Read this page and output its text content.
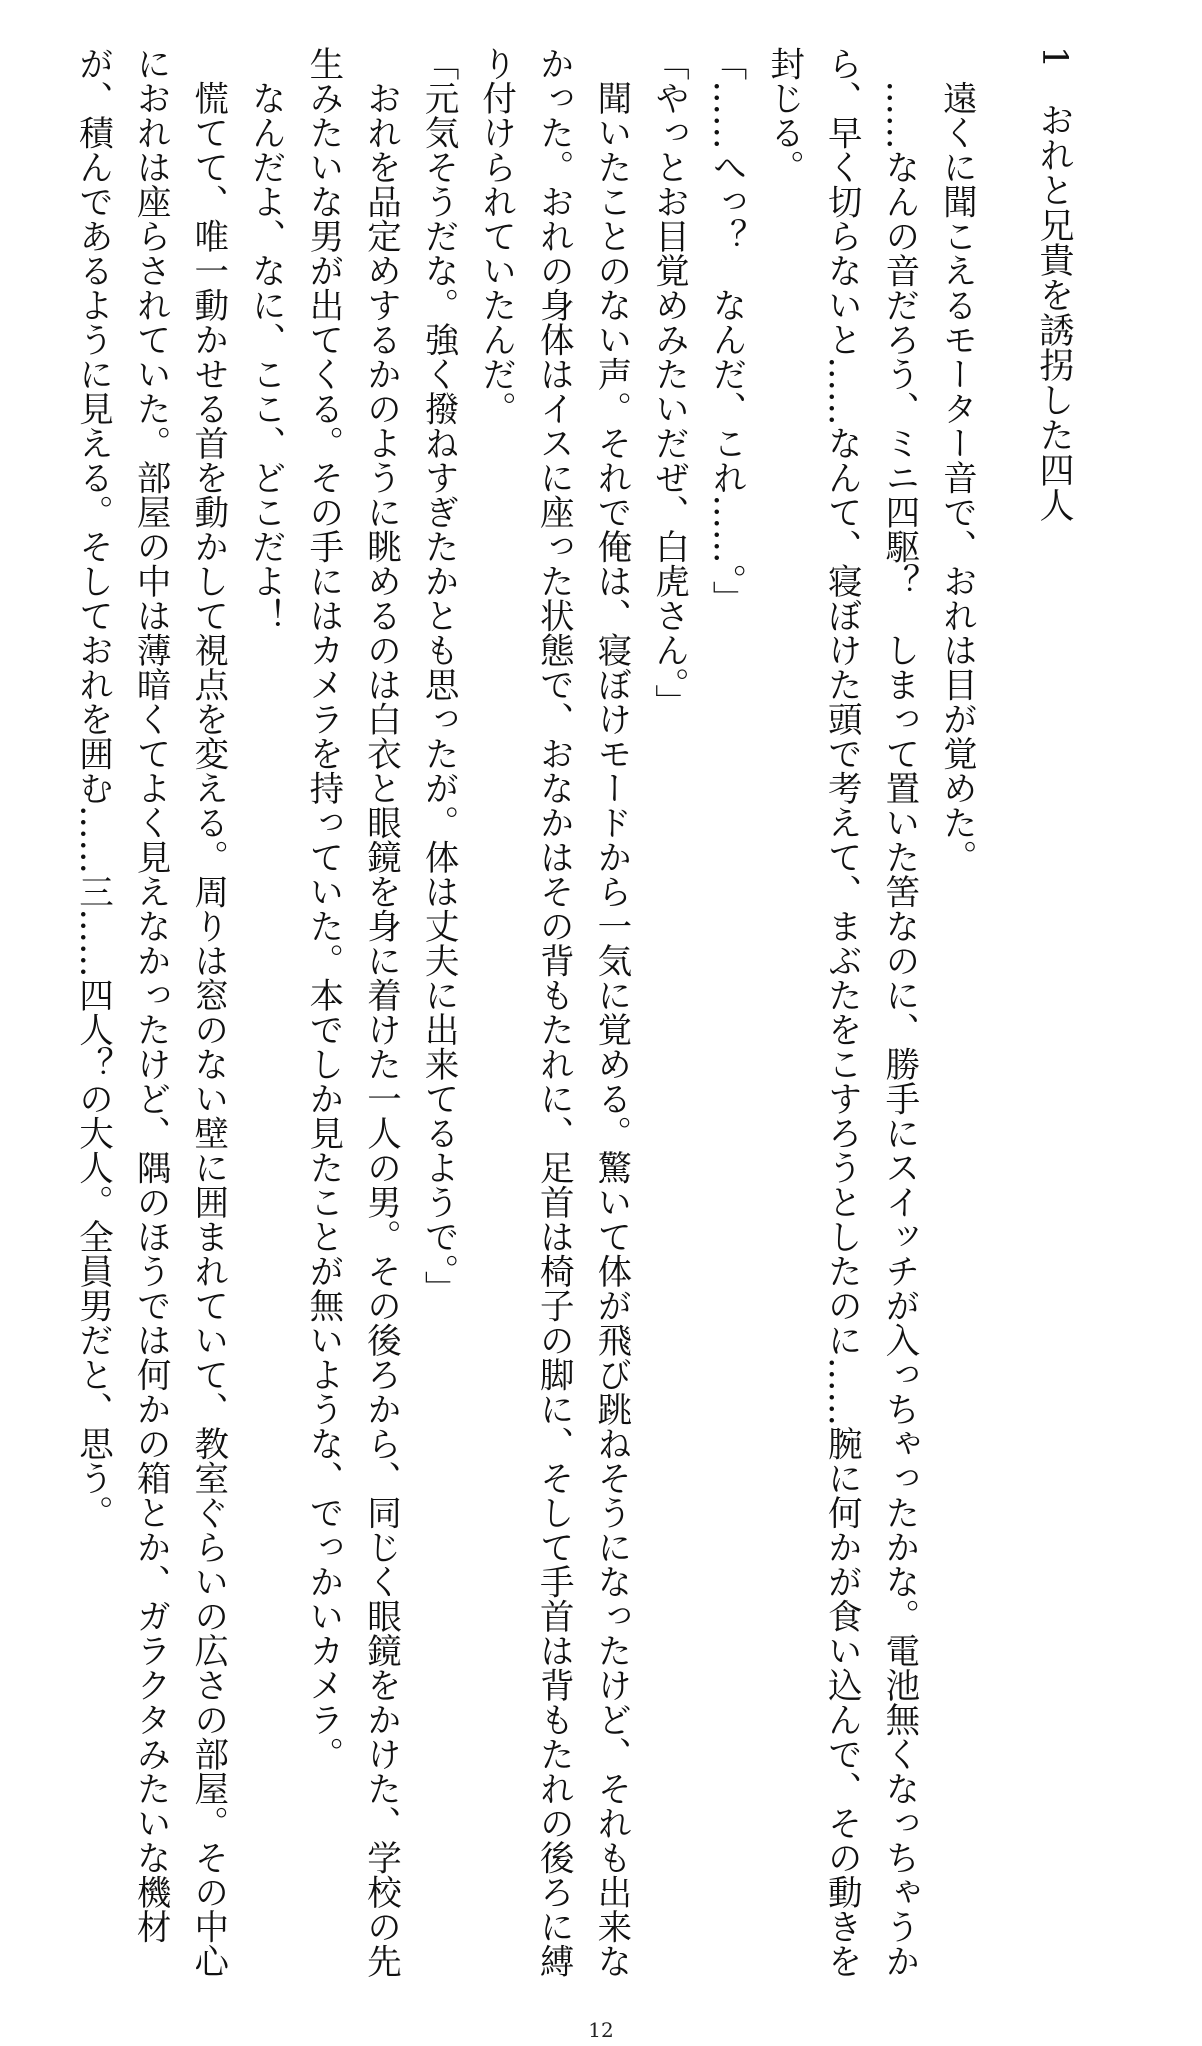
1おれと兄貴を誘拐した四人

　遠くに聞こえるモーター音で、おれは目が覚めた。

　……なんの音だろう、ミニ四駆？　しまって置いた筈なのに、勝手にスイッチが入っちゃったかな。電池無くなっちゃうから、早く切らないと……なんて、寝ぼけた頭で考えて、まぶたをこすろうとしたのに……腕に何かが食い込んで、その動きを封じる。

「……へっ？　なんだ、これ……。」

「やっとお目覚めみたいだぜ、白虎さん。」

　聞いたことのない声。それで俺は、寝ぼけモードから一気に覚める。驚いて体が飛び跳ねそうになったけど、それも出来なかった。おれの身体はイスに座った状態で、おなかはその背もたれに、足首は椅子の脚に、そして手首は背もたれの後ろに縛り付けられていたんだ。

「元気そうだな。強く撥ねすぎたかとも思ったが。体は丈夫に出来てるようで。」

　おれを品定めするかのように眺めるのは白衣と眼鏡を身に着けた一人の男。その後ろから、同じく眼鏡をかけた、学校の先生みたいな男が出てくる。その手にはカメラを持っていた。本でしか見たことが無いような、でっかいカメラ。

　なんだよ、なに、ここ、どこだよ！

　慌てて、唯一動かせる首を動かして視点を変える。周りは窓のない壁に囲まれていて、教室ぐらいの広さの部屋。その中心におれは座らされていた。部屋の中は薄暗くてよく見えなかったけど、隅のほうでは何かの箱とか、ガラクタみたいな機材が、積んであるように見える。そしておれを囲む……三……四人？の大人。全員男だと、思う。

12
